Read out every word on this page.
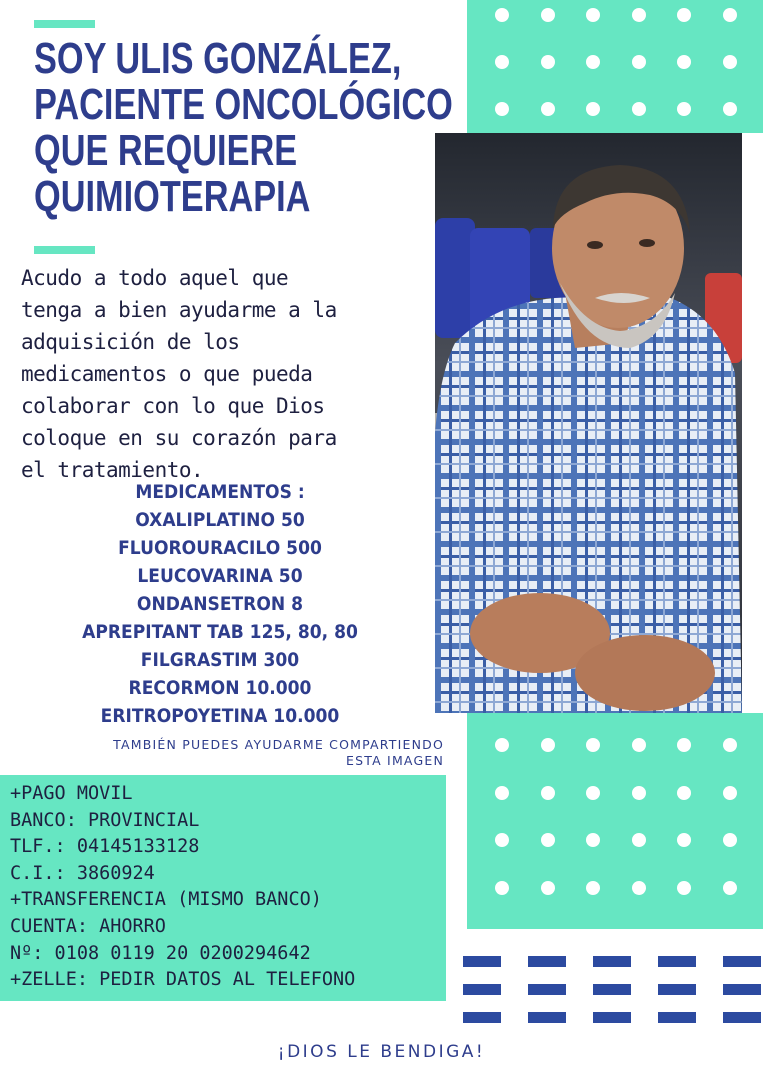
SOY ULIS GONZÁLEZ,
PACIENTE ONCOLÓGICO
QUE REQUIERE
QUIMIOTERAPIA
Acudo a todo aquel que
tenga a bien ayudarme a la
adquisición de los
medicamentos o que pueda
colaborar con lo que Dios
coloque en su corazón para
el tratamiento.
MEDICAMENTOS :
OXALIPLATINO 50
FLUOROURACILO 500
LEUCOVARINA 50
ONDANSETRON 8
APREPITANT TAB 125, 80, 80
FILGRASTIM 300
RECORMON 10.000
ERITROPOYETINA 10.000
TAMBIÉN PUEDES AYUDARME COMPARTIENDO
ESTA IMAGEN
+PAGO MOVIL
BANCO: PROVINCIAL
TLF.: 04145133128
C.I.: 3860924
+TRANSFERENCIA (MISMO BANCO)
CUENTA: AHORRO
Nº: 0108 0119 20 0200294642
+ZELLE: PEDIR DATOS AL TELEFONO
¡DIOS LE BENDIGA!
